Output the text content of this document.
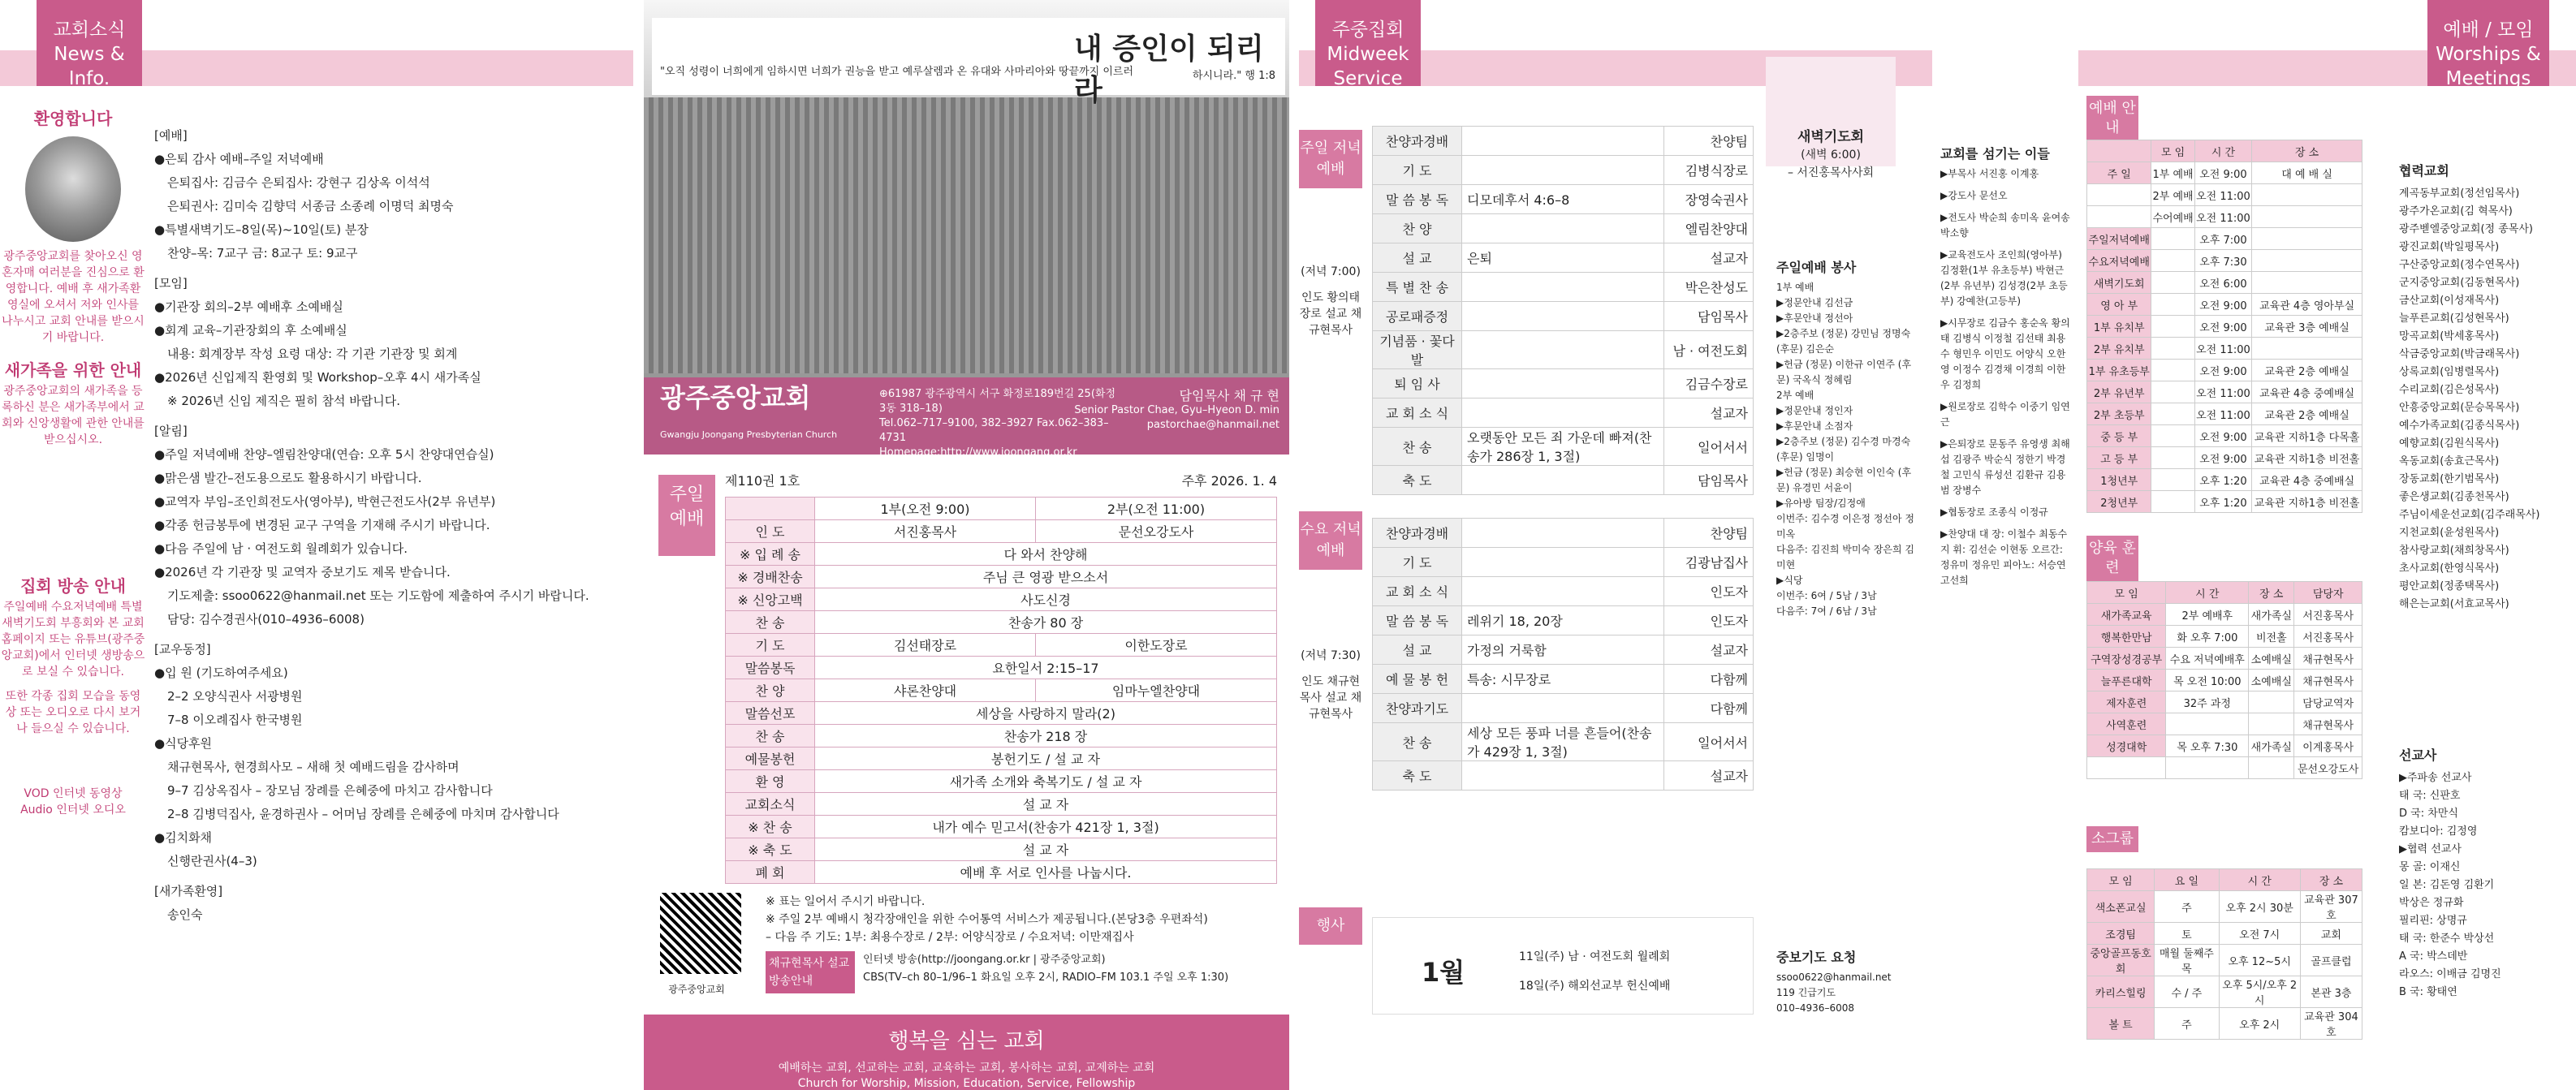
교회소식
News & Info.
환영합니다
광주중앙교회를 찾아오신 영혼자매 여러분을 진심으로 환영합니다. 예배 후 새가족환영실에 오셔서 저와 인사를 나누시고 교회 안내를 받으시기 바랍니다.
새가족을 위한 안내
광주중앙교회의 새가족을 등록하신 분은 새가족부에서 교회와 신앙생활에 관한 안내를 받으십시오.
집회 방송 안내
주일예배 수요저녁예배 특별새벽기도회 부흥회와 본 교회 홈페이지 또는 유튜브(광주중앙교회)에서 인터넷 생방송으로 보실 수 있습니다.
또한 각종 집회 모습을 동영상 또는 오디오로 다시 보거나 들으실 수 있습니다.
VOD 인터넷 동영상
Audio 인터넷 오디오
[예배]
●은퇴 감사 예배–주일 저녁예배
은퇴집사: 김금수 은퇴집사: 강현구 김상옥 이석석
은퇴권사: 김미숙 김향덕 서종금 소종례 이명덕 최명숙
●특별새벽기도–8일(목)~10일(토) 분장
찬양–목: 7교구 금: 8교구 토: 9교구
[모임]
●기관장 회의–2부 예배후 소예배실
●회계 교육–기관장회의 후 소예배실
내용: 회계장부 작성 요령 대상: 각 기관 기관장 및 회계
●2026년 신입제직 환영회 및 Workshop–오후 4시 새가족실
※ 2026년 신임 제직은 필히 참석 바랍니다.
[알림]
●주일 저녁예배 찬양–엘림찬양대(연습: 오후 5시 찬양대연습실)
●맑은샘 발간–전도용으로도 활용하시기 바랍니다.
●교역자 부임–조인희전도사(영아부), 박현근전도사(2부 유년부)
●각종 헌금봉투에 변경된 교구 구역을 기재해 주시기 바랍니다.
●다음 주일에 남 · 여전도회 월례회가 있습니다.
●2026년 각 기관장 및 교역자 중보기도 제목 받습니다.
기도제출: ssoo0622@hanmail.net 또는 기도함에 제출하여 주시기 바랍니다.
담당: 김수경권사(010–4936–6008)
[교우동정]
●입 원 (기도하여주세요)
2–2 오양식권사 서광병원
7–8 이오례집사 한국병원
●식당후원
채규현목사, 현경희사모 – 새해 첫 예배드림을 감사하며
9–7 김상옥집사 – 장모님 장례를 은혜중에 마치고 감사합니다
2–8 김병덕집사, 윤경하권사 – 어머님 장례를 은혜중에 마치며 감사합니다
●김치화채
신행란권사(4–3)
[새가족환영]
송인숙
"오직 성령이 너희에게 임하시면 너희가 권능을 받고 예루살렘과 온 유대와 사마리아와 땅끝까지 이르러
내 증인이 되리라	하시니라." 행 1:8
광주중앙교회
Gwangju Joongang Presbyterian Church
⊕61987 광주광역시 서구 화정로189번길 25(화정 3동 318–18)
Tel.062–717–9100, 382–3927 Fax.062–383–4731
Homepage:http://www.joongang.or.kr
E–mail:jpc1917@naver.com
담임목사 채 규 현
Senior Pastor Chae, Gyu–Hyeon D. min
pastorchae@hanmail.net
주일 예배
제110권 1호	주후 2026. 1. 4
	1부(오전 9:00)	2부(오전 11:00)
인 도	서진홍목사	문선오강도사
※ 입 례 송	다 와서 찬양해	
※ 경배찬송	주님 큰 영광 받으소서	
※ 신앙고백	사도신경	
찬 송	찬송가 80 장	
기 도	김선태장로	이한도장로
말씀봉독	요한일서 2:15–17	
찬 양	샤론찬양대	임마누엘찬양대
말씀선포	세상을 사랑하지 말라(2)	
찬 송	찬송가 218 장	
예물봉헌	봉헌기도 / 설 교 자	
환 영	새가족 소개와 축복기도 / 설 교 자	
교회소식	설 교 자	
※ 찬 송	내가 예수 믿고서(찬송가 421장 1, 3절)	
※ 축 도	설 교 자	
폐 회	예배 후 서로 인사를 나눕시다.	
광주중앙교회
※ 표는 일어서 주시기 바랍니다.
※ 주일 2부 예배시 청각장애인을 위한 수어통역 서비스가 제공됩니다.(본당3층 우편좌석)
– 다음 주 기도: 1부: 최용수장로 / 2부: 어양식장로 / 수요저녁: 이만재집사
채규현목사 설교방송안내
인터넷 방송(http://joongang.or.kr | 광주중앙교회)
CBS(TV–ch 80–1/96–1 화요일 오후 2시, RADIO–FM 103.1 주일 오후 1:30)
행복을 심는 교회
예배하는 교회, 선교하는 교회, 교육하는 교회, 봉사하는 교회, 교제하는 교회
Church for Worship, Mission, Education, Service, Fellowship
주중집회
Midweek Service
주일 저녁 예배
(저녁 7:00)
인도 황의태장로 설교 채규현목사
찬양과경배		찬양팀
기 도		김병식장로
말 씀 봉 독	디모데후서 4:6–8	장영숙권사
찬 양		엘림찬양대
설 교	은퇴	설교자
특 별 찬 송		박은찬성도
공로패증정		담임목사
기념품 · 꽃다발		남 · 여전도회
퇴 임 사		김금수장로
교 회 소 식		설교자
찬 송	오랫동안 모든 죄 가운데 빠져(찬송가 286장 1, 3절)	일어서서
축 도		담임목사
수요 저녁 예배
(저녁 7:30)
인도 채규현목사 설교 채규현목사
찬양과경배		찬양팀
기 도		김광남집사
교 회 소 식		인도자
말 씀 봉 독	레위기 18, 20장	인도자
설 교	가정의 거룩함	설교자
예 물 봉 헌	특송: 시무장로	다함께
찬양과기도		다함께
찬 송	세상 모든 풍파 너를 흔들어(찬송가 429장 1, 3절)	일어서서
축 도		설교자
행사
1월	11일(주) 남 · 여전도회 월례회
18일(주) 해외선교부 헌신예배
새벽기도회
(새벽 6:00)
– 서진홍목사사회
주일예배 봉사
1부 예배
▶정문안내 김선금
▶후문안내 정선아
▶2층주보 (정문) 강민님 정명숙 (후문) 김은순
▶헌금 (정문) 이한규 이연주 (후문) 국옥식 정혜림
2부 예배
▶정문안내 정인자
▶후문안내 소점자
▶2층주보 (정문) 김수경 마경숙 (후문) 임명이
▶헌금 (정문) 최승현 이인숙 (후문) 유경민 서윤이
▶유아방 팀장/김정애
이번주: 김수경 이은정 정선아 정미옥
다음주: 김진희 박미숙 장은희 김미현
▶식당
이번주: 6여 / 5남 / 3남
다음주: 7여 / 6남 / 3남
중보기도 요청
ssoo0622@hanmail.net
119 긴급기도
010–4936–6008
교회를 섬기는 이들
▶부목사 서진홍 이계홍
▶강도사 문선오
▶전도사 박순희 송미옥 윤여송 박소향
▶교육전도사 조인희(영아부) 김정환(1부 유초등부) 박현근(2부 유년부) 김성경(2부 초등부) 강예찬(고등부)
▶시무장로 김금수 홍순옥 황의태 김병식 이정철 김선태 최용수 형민우 이민도 어양식 오한영 이정수 김경채 이경희 이한우 김정희
▶원로장로 김학수 이중기 임연근
▶은퇴장로 문동주 유영생 최해섭 김광주 박순식 정한기 박경철 고민식 류성선 김환규 김용범 장병수
▶협동장로 조종식 이정규
▶찬양대 대 장: 이철수 최동수 지 휘: 김선순 이현동 오르간: 정유미 정유민 피아노: 서승연 고선희
예배 / 모임
Worships & Meetings
예배 안내
	모 임	시 간	장 소
주 일	1부 예배	오전 9:00	대 예 배 실
	2부 예배	오전 11:00	
	수어예배	오전 11:00	
주일저녁예배		오후 7:00	
수요저녁예배		오후 7:30	
새벽기도회		오전 6:00	
영 아 부		오전 9:00	교육관 4층 영아부실
1부 유치부		오전 9:00	교육관 3층 예배실
2부 유치부		오전 11:00	
1부 유초등부		오전 9:00	교육관 2층 예배실
2부 유년부		오전 11:00	교육관 4층 중예배실
2부 초등부		오전 11:00	교육관 2층 예배실
중 등 부		오전 9:00	교육관 지하1층 다목홀
고 등 부		오전 9:00	교육관 지하1층 비전홀
1청년부		오후 1:20	교육관 4층 중예배실
2청년부		오후 1:20	교육관 지하1층 비전홀
양육 훈련
모 임	시 간	장 소	담당자
새가족교육	2부 예배후	새가족실	서진홍목사
행복한만남	화 오후 7:00	비전홀	서진홍목사
구역장성경공부	수요 저녁예배후	소예배실	채규현목사
늘푸른대학	목 오전 10:00	소예배실	채규현목사
제자훈련	32주 과정		담당교역자
사역훈련			채규현목사
성경대학	목 오후 7:30	새가족실	이계홍목사
			문선오강도사
소그룹
모 임	요 일	시 간	장 소
색소폰교실	주	오후 2시 30분	교육관 307호
조경팀	토	오전 7시	교회
중앙골프동호회	매월 둘째주 목	오후 12~5시	골프클럽
카리스힐링	수 / 주	오후 5시/오후 2시	본관 3층
볼 트	주	오후 2시	교육관 304호
협력교회
계곡동부교회(정선임목사)
광주가온교회(김 혁목사)
광주벧엘중앙교회(정 종목사)
광진교회(박일평목사)
구산중앙교회(정수연목사)
군지중앙교회(김동현목사)
금산교회(이성재목사)
늘푸른교회(김성현목사)
망곡교회(박세홍목사)
삭금중앙교회(박금래목사)
상록교회(임병렬목사)
수리교회(김은성목사)
안흥중앙교회(문승목목사)
예수가족교회(김종식목사)
예향교회(김원식목사)
옥동교회(송효근목사)
장동교회(한기범목사)
좋은생교회(김종천목사)
주님이세운선교회(김주래목사)
지천교회(윤성원목사)
참사랑교회(채희창목사)
초사교회(한영식목사)
평안교회(정종택목사)
해은는교회(서효교목사)
선교사
▶주파송 선교사
태 국: 신판호
D 국: 차만식
캄보디아: 김정영
▶협력 선교사
몽 골: 이재신
일 본: 김돈영 김환기
박상은 정규화
필리핀: 상명규
태 국: 한준수 박상선
A 국: 박스데반
라오스: 이배금 김명진
B 국: 황태연
